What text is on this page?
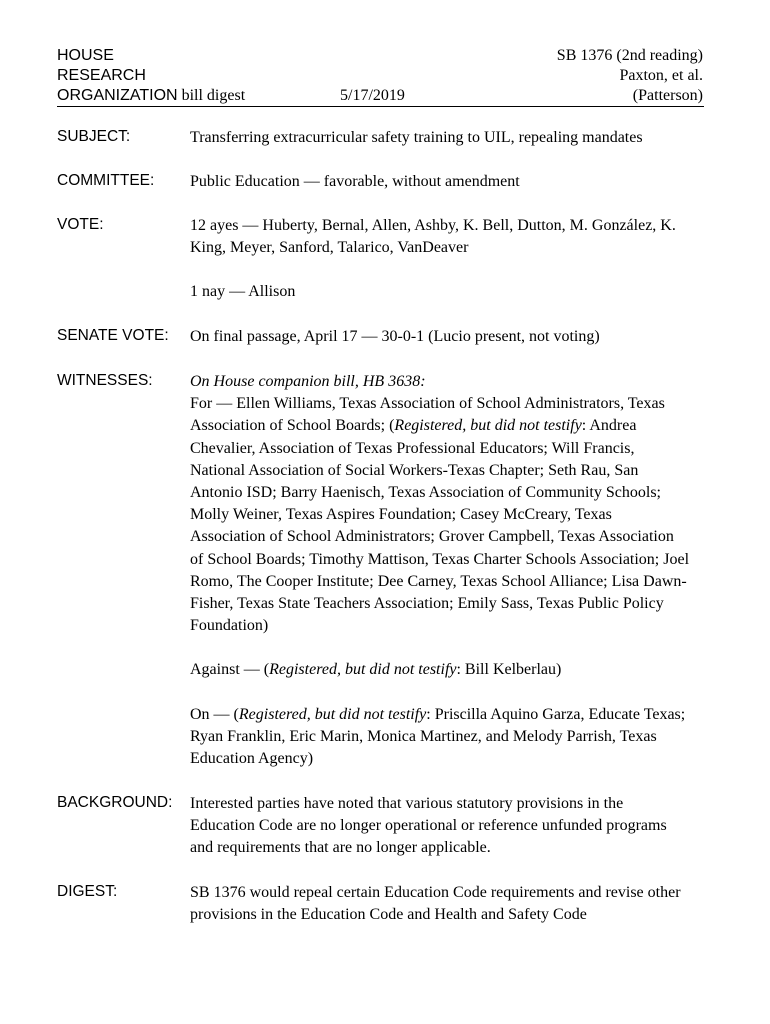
HOUSE
RESEARCH
ORGANIZATION bill digest	5/17/2019
SB 1376 (2nd reading)
Paxton, et al.
(Patterson)
SUBJECT:	Transferring extracurricular safety training to UIL, repealing mandates
COMMITTEE: Public Education — favorable, without amendment
VOTE:	12 ayes — Huberty, Bernal, Allen, Ashby, K. Bell, Dutton, M. González, K. King, Meyer, Sanford, Talarico, VanDeaver

1 nay — Allison

SENATE VOTE: On final passage, April 17 — 30-0-1 (Lucio present, not voting)
WITNESSES: On House companion bill, HB 3638:

For — Ellen Williams, Texas Association of School Administrators, Texas Association of School Boards; (Registered, but did not testify: Andrea Chevalier, Association of Texas Professional Educators; Will Francis, National Association of Social Workers-Texas Chapter; Seth Rau, San Antonio ISD; Barry Haenisch, Texas Association of Community Schools; Molly Weiner, Texas Aspires Foundation; Casey McCreary, Texas Association of School Administrators; Grover Campbell, Texas Association of School Boards; Timothy Mattison, Texas Charter Schools Association; Joel Romo, The Cooper Institute; Dee Carney, Texas School Alliance; Lisa Dawn-Fisher, Texas State Teachers Association; Emily Sass, Texas Public Policy Foundation)

Against — (Registered, but did not testify: Bill Kelberlau)

On — (Registered, but did not testify: Priscilla Aquino Garza, Educate Texas; Ryan Franklin, Eric Marin, Monica Martinez, and Melody Parrish, Texas Education Agency)

BACKGROUND: Interested parties have noted that various statutory provisions in the Education Code are no longer operational or reference unfunded programs and requirements that are no longer applicable.
DIGEST:	SB 1376 would repeal certain Education Code requirements and revise other provisions in the Education Code and Health and Safety Code
